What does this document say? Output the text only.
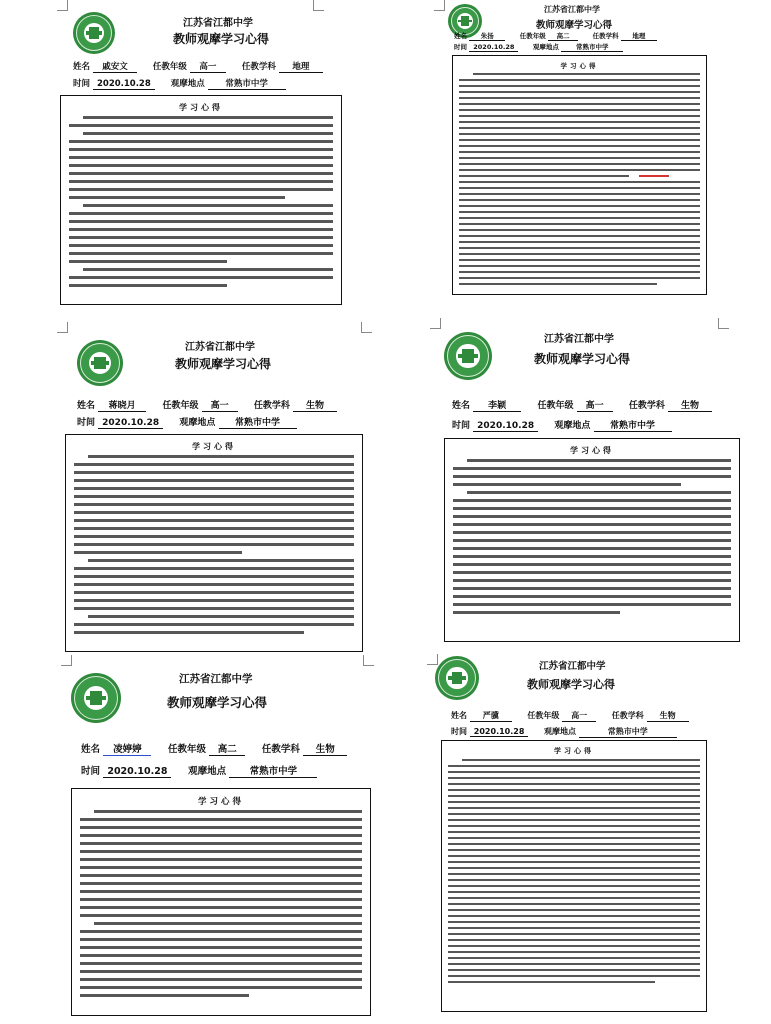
江苏省江都中学
教师观摩学习心得
姓名 戚安文	任教年级 高一	任教学科 地理
时间 2020.10.28 观摩地点 常熟市中学
学习心得
江苏省江都中学
教师观摩学习心得
姓名 朱扬	任教年级 高二	任教学科 地理
时间 2020.10.28	观摩地点	常熟市中学
学习心得
江苏省江都中学
教师观摩学习心得
姓名 蒋晓月	任教年级 高一	任教学科 生物
时间 2020.10.28 观摩地点 常熟市中学
学习心得
江苏省江都中学
教师观摩学习心得
姓名 李颖	任教年级 高一	任教学科 生物
时间 2020.10.28 观摩地点 常熟市中学
学习心得
江苏省江都中学
教师观摩学习心得
姓名 凌婷婷	任教年级 高二	任教学科 生物
时间 2020.10.28 观摩地点 常熟市中学
学习心得
江苏省江都中学
教师观摩学习心得
姓名 严骥	任教年级 高一	任教学科 生物
时间 2020.10.28 观摩地点	常熟市中学
学习心得
